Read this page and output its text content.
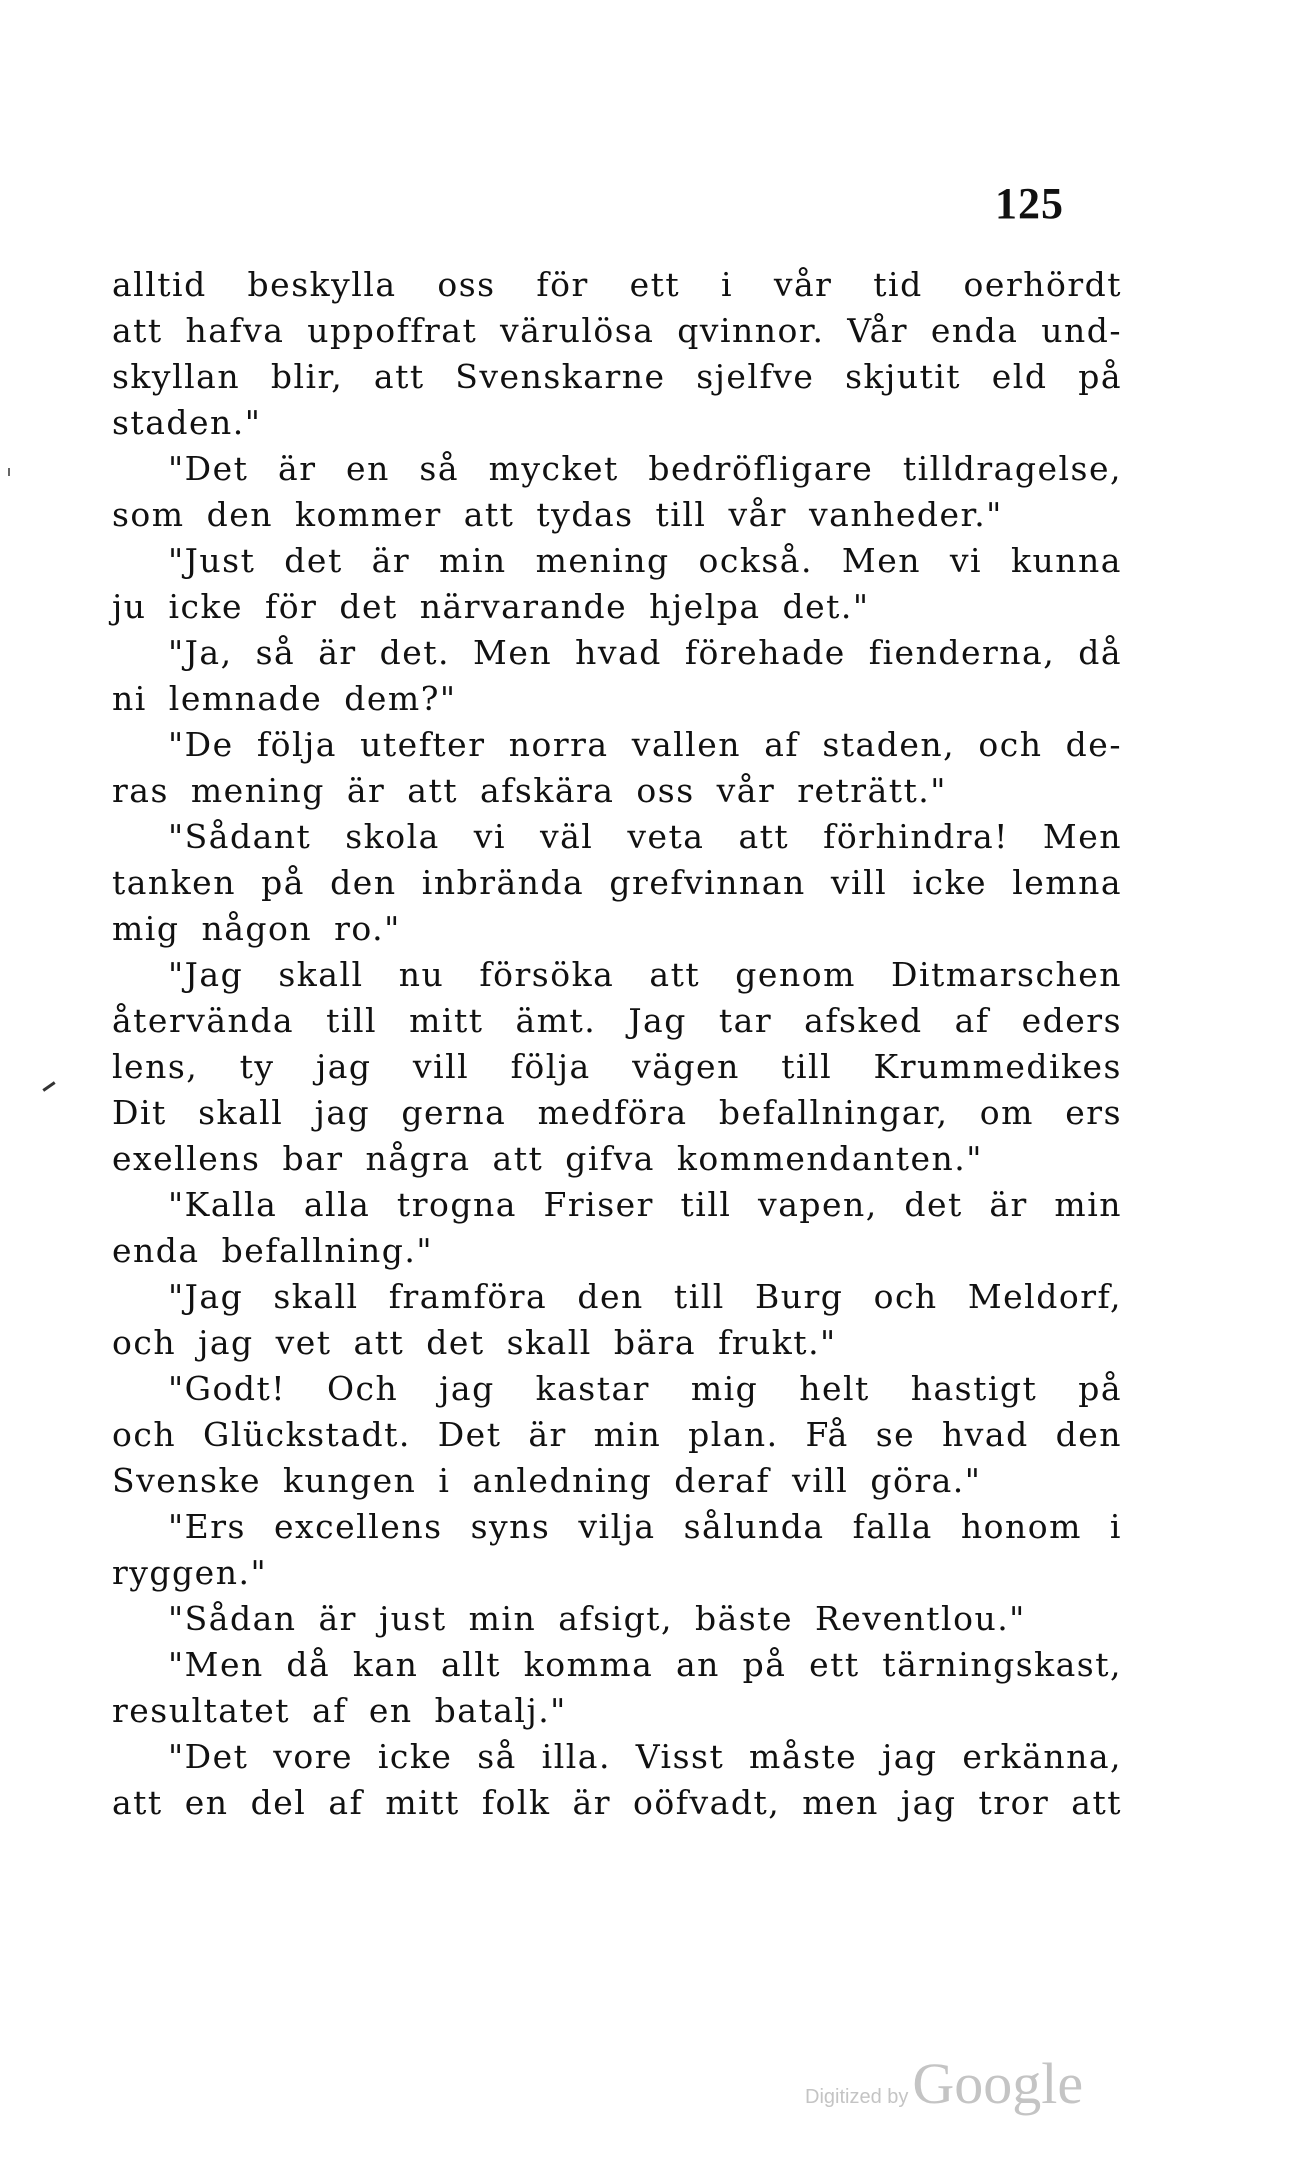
125
alltid beskylla oss för ett i vår tid oerhördt
att hafva uppoffrat värulösa qvinnor. Vår enda und-
skyllan blir, att Svenskarne sjelfve skjutit eld på
staden."
"Det är en så mycket bedröfligare tilldragelse,
som den kommer att tydas till vår vanheder."
"Just det är min mening också. Men vi kunna
ju icke för det närvarande hjelpa det."
"Ja, så är det. Men hvad förehade fienderna, då
ni lemnade dem?"
"De följa utefter norra vallen af staden, och de-
ras mening är att afskära oss vår reträtt."
"Sådant skola vi väl veta att förhindra! Men
tanken på den inbrända grefvinnan vill icke lemna
mig någon ro."
"Jag skall nu försöka att genom Ditmarschen
återvända till mitt ämt. Jag tar afsked af eders
lens, ty jag vill följa vägen till Krummedikes
Dit skall jag gerna medföra befallningar, om ers
exellens bar några att gifva kommendanten."
"Kalla alla trogna Friser till vapen, det är min
enda befallning."
"Jag skall framföra den till Burg och Meldorf,
och jag vet att det skall bära frukt."
"Godt! Och jag kastar mig helt hastigt på
och Glückstadt. Det är min plan. Få se hvad den
Svenske kungen i anledning deraf vill göra."
"Ers excellens syns vilja sålunda falla honom i
ryggen."
"Sådan är just min afsigt, bäste Reventlou."
"Men då kan allt komma an på ett tärningskast,
resultatet af en batalj."
"Det vore icke så illa. Visst måste jag erkänna,
att en del af mitt folk är oöfvadt, men jag tror att
Digitized by Google
